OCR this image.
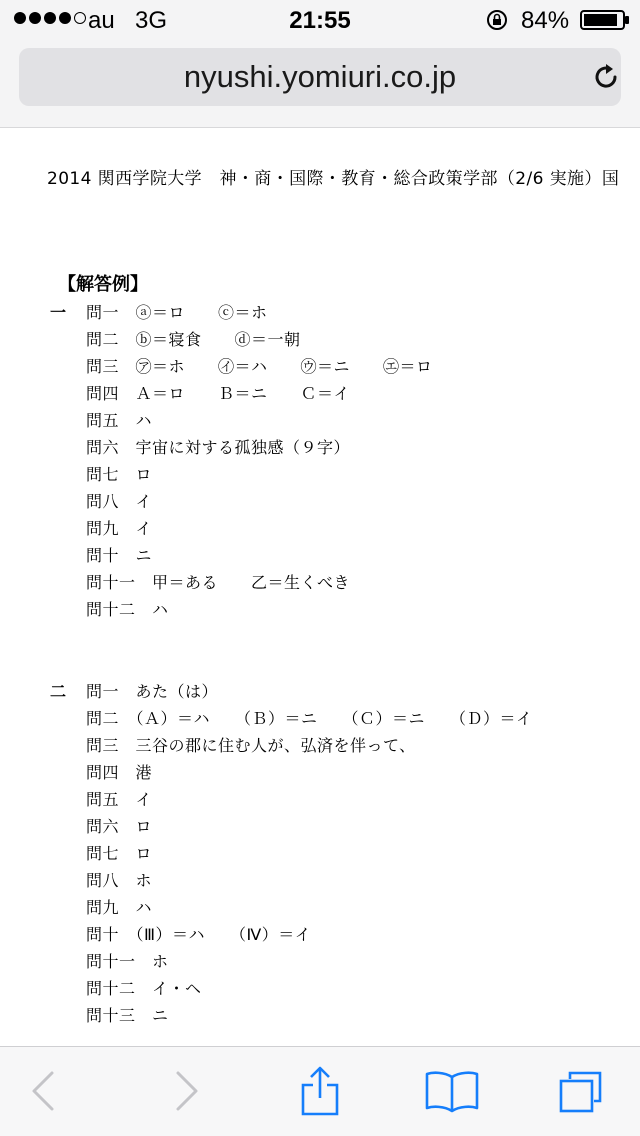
au 3G	21:55	84%
nyushi.yomiuri.co.jp
2014 関西学院大学　神・商・国際・教育・総合政策学部（2/6 実施）国
【解答例】
一 問一　ⓐ＝ロ　　ⓒ＝ホ
問二　ⓑ＝寝食　　ⓓ＝一朝
問三　㋐＝ホ　　㋑＝ハ　　㋒＝ニ　　㋓＝ロ
問四　Ａ＝ロ　　Ｂ＝ニ　　Ｃ＝イ
問五　ハ
問六　宇宙に対する孤独感（９字）
問七　ロ
問八　イ
問九　イ
問十　ニ
問十一　甲＝ある　　乙＝生くべき
問十二　ハ
二 問一　あた（は）
問二　（Ａ）＝ハ　　（Ｂ）＝ニ　　（Ｃ）＝ニ　　（Ｄ）＝イ
問三　三谷の郡に住む人が、弘済を伴って、
問四　港
問五　イ
問六　ロ
問七　ロ
問八　ホ
問九　ハ
問十　（Ⅲ）＝ハ　　（Ⅳ）＝イ
問十一　ホ
問十二　イ・ヘ
問十三　ニ
